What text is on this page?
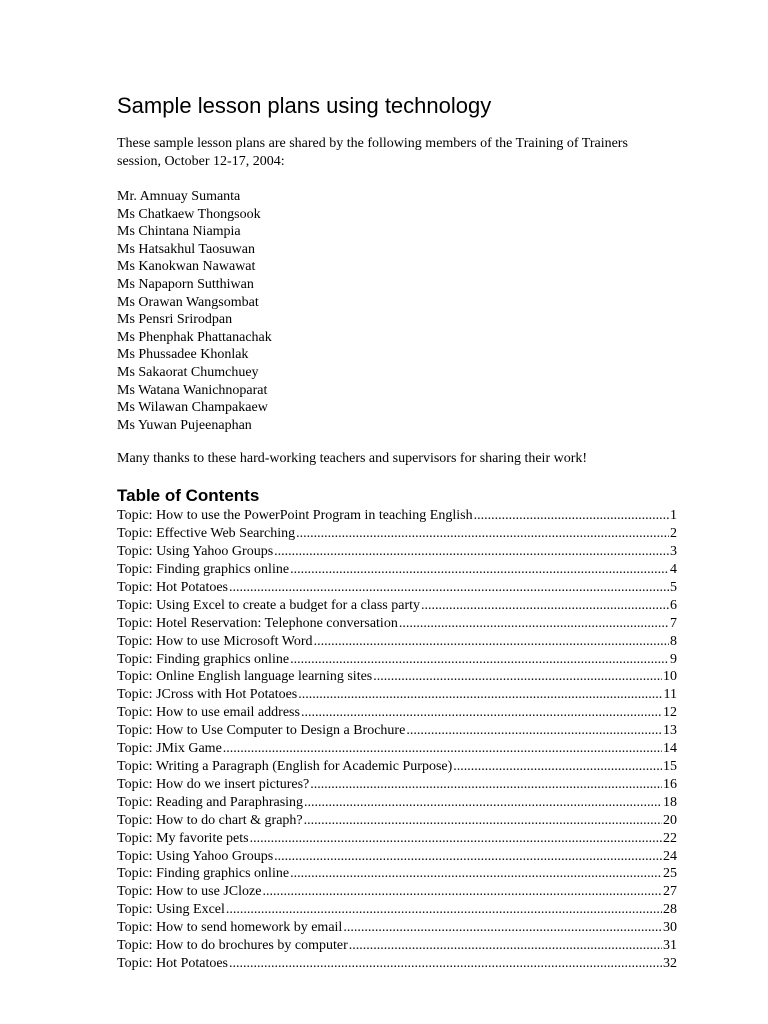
Sample lesson plans using technology

These sample lesson plans are shared by the following members of the Training of Trainers session, October 12-17, 2004:

Mr. Amnuay Sumanta
Ms Chatkaew Thongsook
Ms Chintana Niampia
Ms Hatsakhul Taosuwan
Ms Kanokwan Nawawat
Ms Napaporn Sutthiwan
Ms Orawan Wangsombat
Ms Pensri Srirodpan
Ms Phenphak Phattanachak
Ms Phussadee Khonlak
Ms Sakaorat Chumchuey
Ms Watana Wanichnoparat
Ms Wilawan Champakaew
Ms Yuwan Pujeenaphan

Many thanks to these hard-working teachers and supervisors for sharing their work!

Table of Contents
Topic: How to use the PowerPoint Program in teaching English .....	1
Topic: Effective Web Searching .....	2
Topic: Using Yahoo Groups .....	3
Topic: Finding graphics online .....	4
Topic: Hot Potatoes .....	5
Topic: Using Excel to create a budget for a class party .....	6
Topic: Hotel Reservation: Telephone conversation .....	7
Topic: How to use Microsoft Word .....	8
Topic: Finding graphics online .....	9
Topic: Online English language learning sites .....	10
Topic: JCross with Hot Potatoes .....	11
Topic: How to use email address .....	12
Topic: How to Use Computer to Design a Brochure .....	13
Topic: JMix Game .....	14
Topic: Writing a Paragraph (English for Academic Purpose) .....	15
Topic: How do we insert pictures? .....	16
Topic: Reading and Paraphrasing .....	18
Topic: How to do chart & graph? .....	20
Topic: My favorite pets .....	22
Topic: Using Yahoo Groups .....	24
Topic: Finding graphics online .....	25
Topic: How to use JCloze .....	27
Topic: Using Excel .....	28
Topic: How to send homework by email .....	30
Topic: How to do brochures by computer .....	31
Topic: Hot Potatoes .....	32
